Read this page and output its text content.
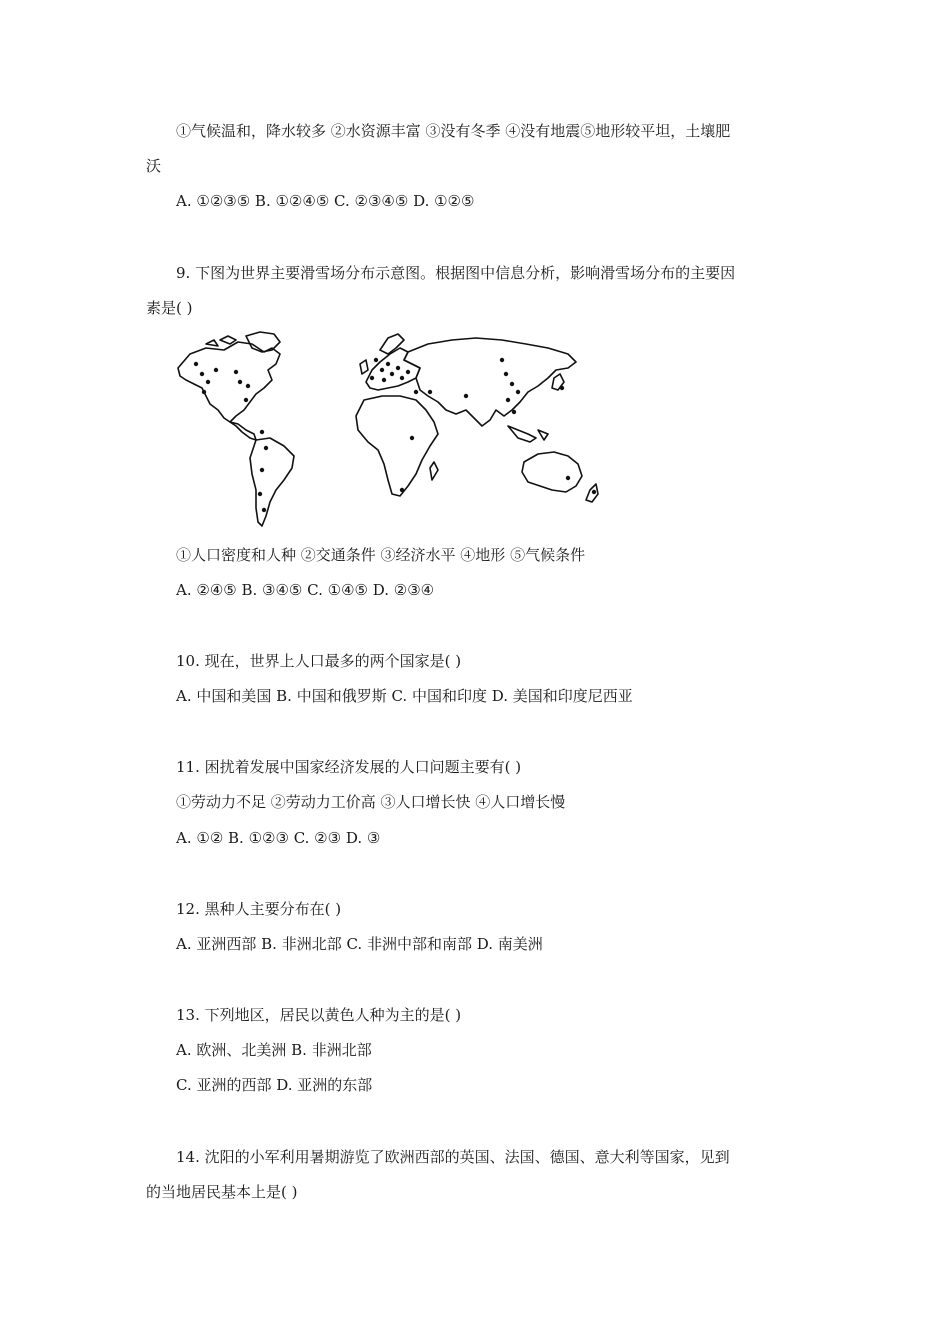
①气候温和，降水较多 ②水资源丰富 ③没有冬季 ④没有地震⑤地形较平坦，土壤肥
沃
A. ①②③⑤ B. ①②④⑤ C. ②③④⑤ D. ①②⑤
9. 下图为世界主要滑雪场分布示意图。根据图中信息分析，影响滑雪场分布的主要因
素是( )
①人口密度和人种 ②交通条件 ③经济水平 ④地形 ⑤气候条件
A. ②④⑤ B. ③④⑤ C. ①④⑤ D. ②③④
10. 现在，世界上人口最多的两个国家是( )
A. 中国和美国 B. 中国和俄罗斯 C. 中国和印度 D. 美国和印度尼西亚
11. 困扰着发展中国家经济发展的人口问题主要有( )
①劳动力不足 ②劳动力工价高 ③人口增长快 ④人口增长慢
A. ①② B. ①②③ C. ②③ D. ③
12. 黑种人主要分布在( )
A. 亚洲西部 B. 非洲北部 C. 非洲中部和南部 D. 南美洲
13. 下列地区，居民以黄色人种为主的是( )
A. 欧洲、北美洲 B. 非洲北部
C. 亚洲的西部 D. 亚洲的东部
14. 沈阳的小军利用暑期游览了欧洲西部的英国、法国、德国、意大利等国家，见到
的当地居民基本上是( )
